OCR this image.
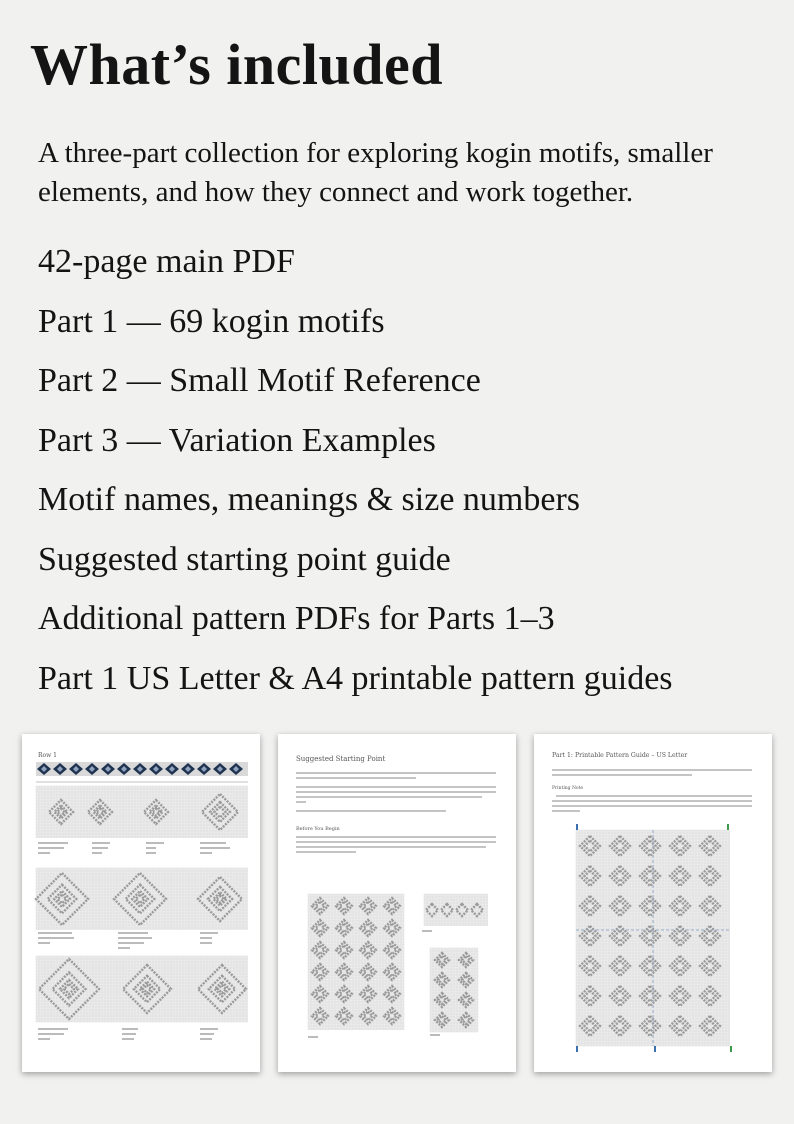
What’s included

A three-part collection for exploring kogin motifs, smaller elements, and how they connect and work together.

42-page main PDF
Part 1 — 69 kogin motifs
Part 2 — Small Motif Reference
Part 3 — Variation Examples
Motif names, meanings & size numbers
Suggested starting point guide
Additional pattern PDFs for Parts 1–3
Part 1 US Letter & A4 printable pattern guides
Row 1	Suggested Starting Point
Before You Begin
Part 1: Printable Pattern Guide – US Letter
Printing Note
